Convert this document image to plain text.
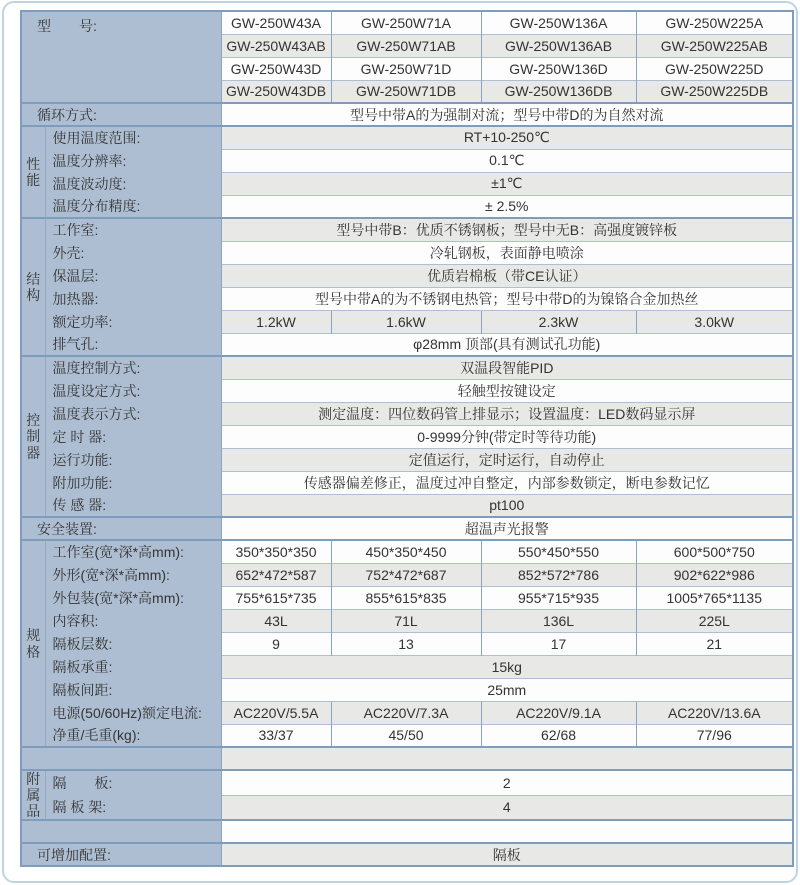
型　　号:		GW-250W43A	GW-250W71A	GW-250W136A	GW-250W225A
		GW-250W43AB	GW-250W71AB	GW-250W136AB	GW-250W225AB
		GW-250W43D	GW-250W71D	GW-250W136D	GW-250W225D
		GW-250W43DB	GW-250W71DB	GW-250W136DB	GW-250W225DB
循环方式:		型号中带A的为强制对流；型号中带D的为自然对流			
性能	使用温度范围:	RT+10-250℃			
	温度分辨率:	0.1℃			
	温度波动度:	±1℃			
	温度分布精度:	± 2.5%			
结构	工作室:	型号中带B：优质不锈钢板；型号中无B：高强度镀锌板			
	外壳:	冷轧钢板，表面静电喷涂			
	保温层:	优质岩棉板（带CE认证）			
	加热器:	型号中带A的为不锈钢电热管；型号中带D的为镍铬合金加热丝			
	额定功率:	1.2kW	1.6kW	2.3kW	3.0kW
	排气孔:	φ28mm 顶部(具有测试孔功能)			
控制器	温度控制方式:	双温段智能PID			
	温度设定方式:	轻触型按键设定			
	温度表示方式:	测定温度：四位数码管上排显示；设置温度：LED数码显示屏			
	定 时 器:	0-9999分钟(带定时等待功能)			
	运行功能:	定值运行，定时运行，自动停止			
	附加功能:	传感器偏差修正，温度过冲自整定，内部参数锁定，断电参数记忆			
	传 感 器:	pt100			
安全装置:		超温声光报警			
规格	工作室(宽*深*高mm):	350*350*350	450*350*450	550*450*550	600*500*750
	外形(宽*深*高mm):	652*472*587	752*472*687	852*572*786	902*622*986
	外包装(宽*深*高mm):	755*615*735	855*615*835	955*715*935	1005*765*1135
	内容积:	43L	71L	136L	225L
	隔板层数:	9	13	17	21
	隔板承重:	15kg			
	隔板间距:	25mm			
	电源(50/60Hz)额定电流:	AC220V/5.5A	AC220V/7.3A	AC220V/9.1A	AC220V/13.6A
	净重/毛重(kg):	33/37	45/50	62/68	77/96

附属品	隔　　板:	2			
	隔 板 架:	4			

可增加配置:		隔板			
